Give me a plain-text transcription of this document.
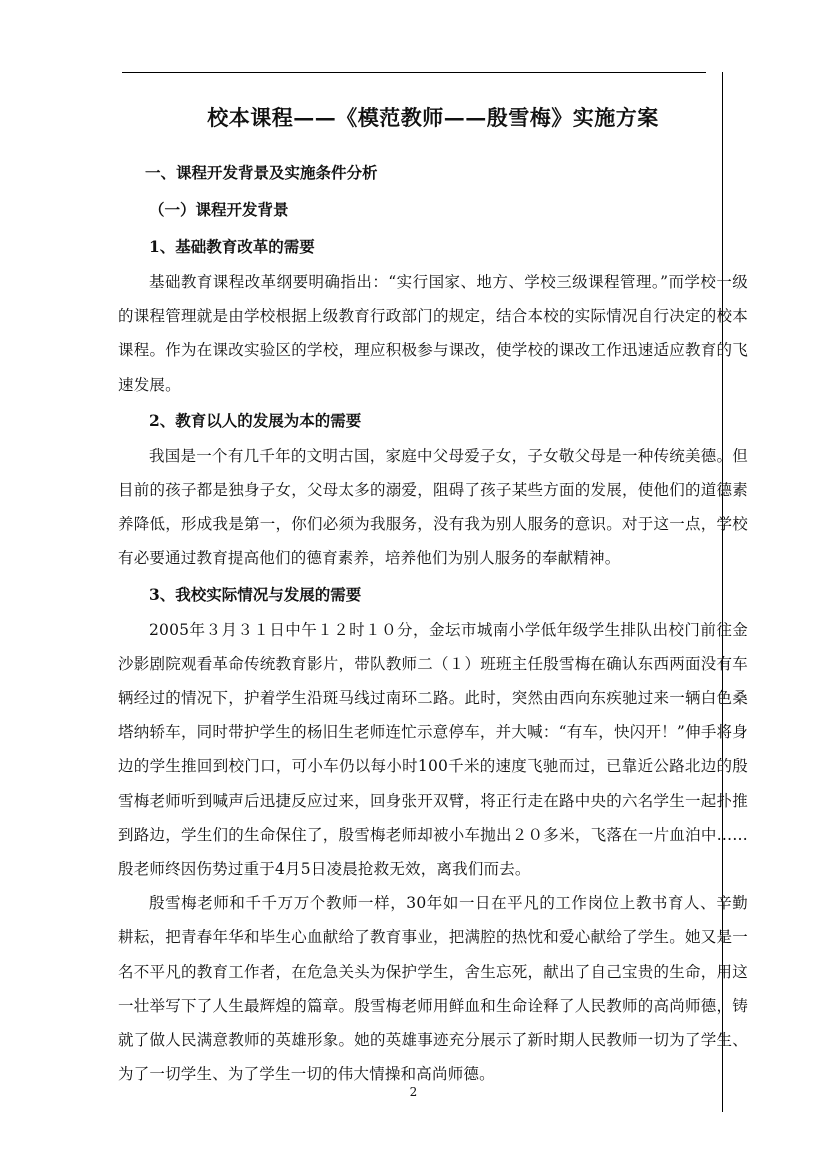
校本课程——《模范教师——殷雪梅》实施方案
一、课程开发背景及实施条件分析
（一）课程开发背景
1、基础教育改革的需要

基础教育课程改革纲要明确指出：“实行国家、地方、学校三级课程管理。”而学校一级的课程管理就是由学校根据上级教育行政部门的规定，结合本校的实际情况自行决定的校本课程。作为在课改实验区的学校，理应积极参与课改，使学校的课改工作迅速适应教育的飞速发展。

2、教育以人的发展为本的需要

我国是一个有几千年的文明古国，家庭中父母爱子女，子女敬父母是一种传统美德。但目前的孩子都是独身子女，父母太多的溺爱，阻碍了孩子某些方面的发展，使他们的道德素养降低，形成我是第一，你们必须为我服务，没有我为别人服务的意识。对于这一点，学校有必要通过教育提高他们的德育素养，培养他们为别人服务的奉献精神。

3、我校实际情况与发展的需要

2005年３月３１日中午１２时１０分，金坛市城南小学低年级学生排队出校门前往金沙影剧院观看革命传统教育影片，带队教师二（１）班班主任殷雪梅在确认东西两面没有车辆经过的情况下，护着学生沿斑马线过南环二路。此时，突然由西向东疾驰过来一辆白色桑塔纳轿车，同时带护学生的杨旧生老师连忙示意停车，并大喊：“有车，快闪开！”伸手将身边的学生推回到校门口，可小车仍以每小时100千米的速度飞驰而过，已靠近公路北边的殷雪梅老师听到喊声后迅捷反应过来，回身张开双臂，将正行走在路中央的六名学生一起扑推到路边，学生们的生命保住了，殷雪梅老师却被小车抛出２０多米，飞落在一片血泊中……殷老师终因伤势过重于4月5日凌晨抢救无效，离我们而去。

殷雪梅老师和千千万万个教师一样，30年如一日在平凡的工作岗位上教书育人、辛勤耕耘，把青春年华和毕生心血献给了教育事业，把满腔的热忱和爱心献给了学生。她又是一名不平凡的教育工作者，在危急关头为保护学生，舍生忘死，献出了自己宝贵的生命，用这一壮举写下了人生最辉煌的篇章。殷雪梅老师用鲜血和生命诠释了人民教师的高尚师德，铸就了做人民满意教师的英雄形象。她的英雄事迹充分展示了新时期人民教师一切为了学生、为了一切学生、为了学生一切的伟大情操和高尚师德。

2
